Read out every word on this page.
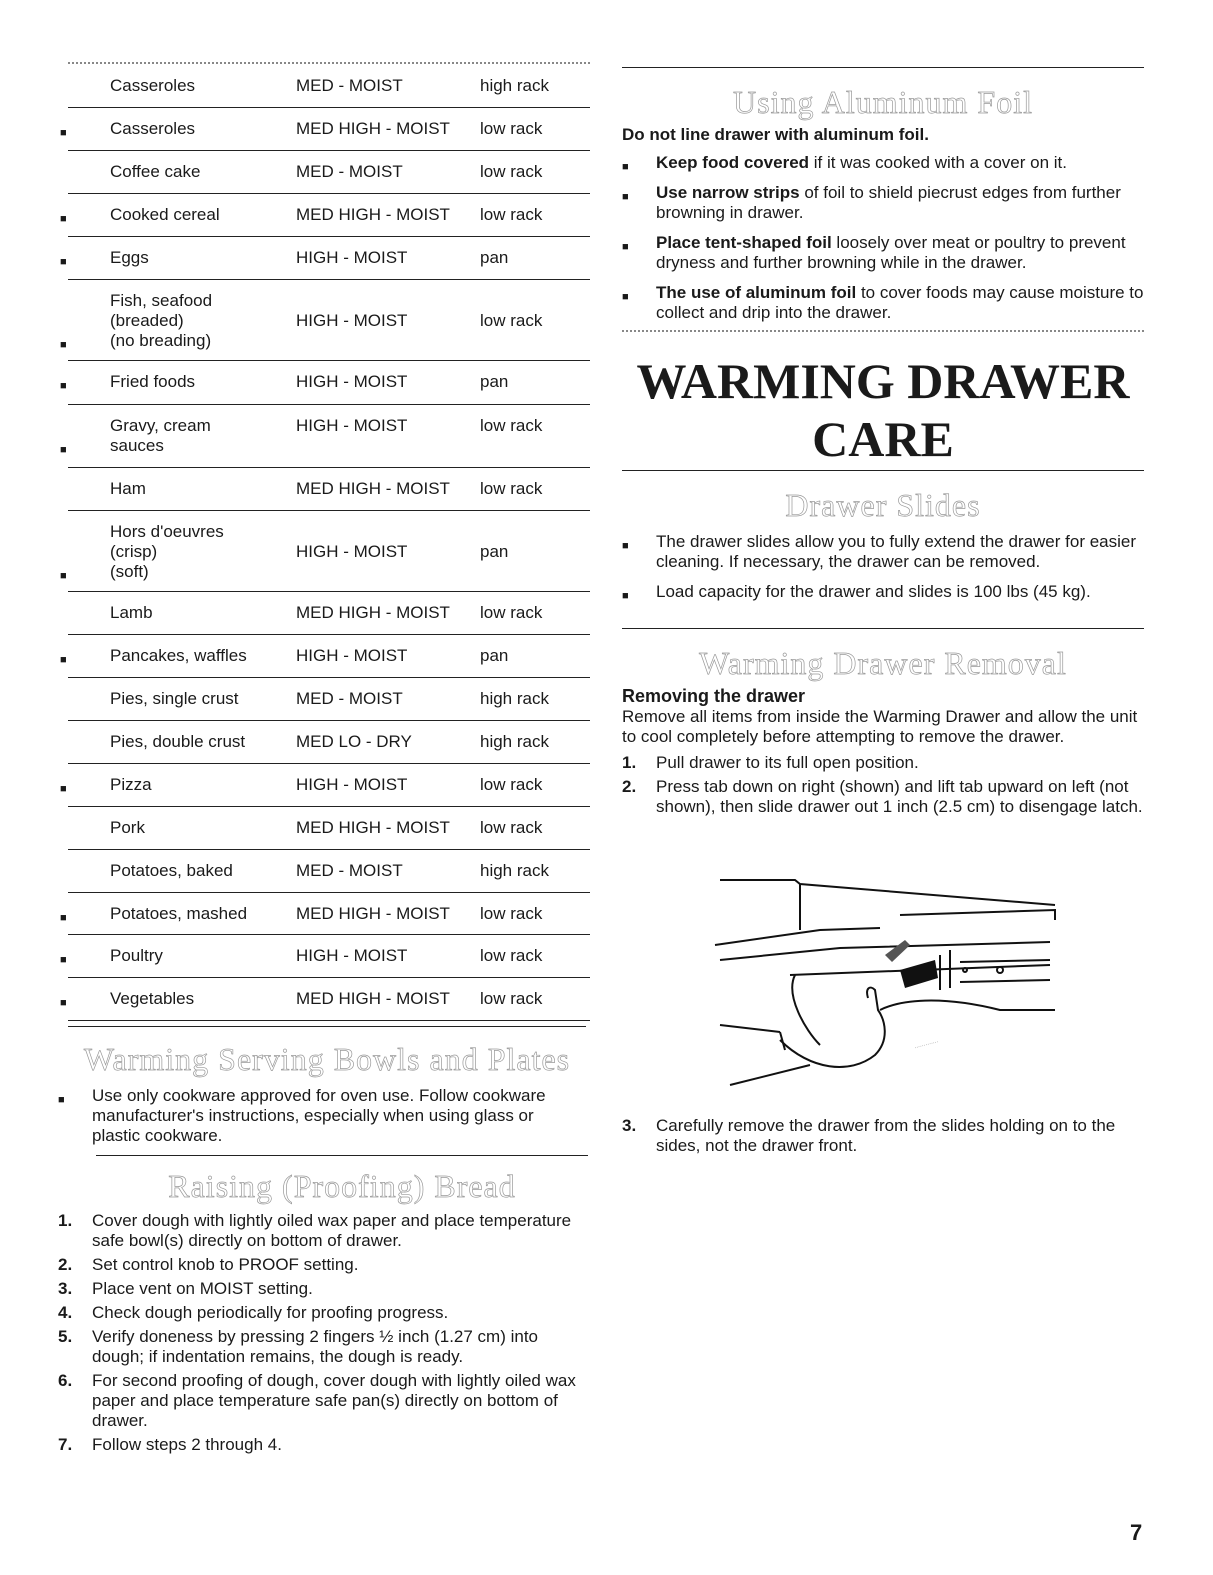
Casseroles	MED - MOIST	high rack
■	Casseroles	MED HIGH - MOIST low rack
Coffee cake	MED - MOIST	low rack
■	Cooked cereal	MED HIGH - MOIST low rack
■	Eggs	HIGH - MOIST	pan
■
Fish, seafood
(breaded)
(no breading)
HIGH - MOIST	low rack
■	Fried foods	HIGH - MOIST	pan
■
Gravy, cream
sauces
HIGH - MOIST	low rack
Ham	MED HIGH - MOIST low rack
■
Hors d'oeuvres
(crisp)
(soft)
HIGH - MOIST	pan
Lamb	MED HIGH - MOIST low rack
■	Pancakes, waffles	HIGH - MOIST	pan
Pies, single crust	MED - MOIST	high rack
Pies, double crust	MED LO - DRY	high rack
■	Pizza	HIGH - MOIST	low rack
Pork	MED HIGH - MOIST low rack
Potatoes, baked	MED - MOIST	high rack
■	Potatoes, mashed	MED HIGH - MOIST low rack
■	Poultry	HIGH - MOIST	low rack
■	Vegetables	MED HIGH - MOIST low rack
Warming Serving Bowls and Plates
■ Use only cookware approved for oven use. Follow cookware manufacturer's instructions, especially when using glass or plastic cookware.
Raising (Proofing) Bread
1. Cover dough with lightly oiled wax paper and place temperature safe bowl(s) directly on bottom of drawer.
2. Set control knob to PROOF setting.
3. Place vent on MOIST setting.
4. Check dough periodically for proofing progress.
5. Verify doneness by pressing 2 fingers ½ inch (1.27 cm) into dough; if indentation remains, the dough is ready.
6. For second proofing of dough, cover dough with lightly oiled wax paper and place temperature safe pan(s) directly on bottom of drawer.
7. Follow steps 2 through 4.
Using Aluminum Foil
Do not line drawer with aluminum foil.
■ Keep food covered if it was cooked with a cover on it.
■ Use narrow strips of foil to shield piecrust edges from further browning in drawer.
■ Place tent-shaped foil loosely over meat or poultry to prevent dryness and further browning while in the drawer.
■ The use of aluminum foil to cover foods may cause moisture to collect and drip into the drawer.
WARMING DRAWER
CARE
Drawer Slides
■ The drawer slides allow you to fully extend the drawer for easier cleaning. If necessary, the drawer can be removed.
■ Load capacity for the drawer and slides is 100 lbs (45 kg).
Warming Drawer Removal
Removing the drawer
Remove all items from inside the Warming Drawer and allow the unit to cool completely before attempting to remove the drawer.
1. Pull drawer to its full open position.
2. Press tab down on right (shown) and lift tab upward on left (not shown), then slide drawer out 1 inch (2.5 cm) to disengage latch.
·············
3. Carefully remove the drawer from the slides holding on to the sides, not the drawer front.
7
